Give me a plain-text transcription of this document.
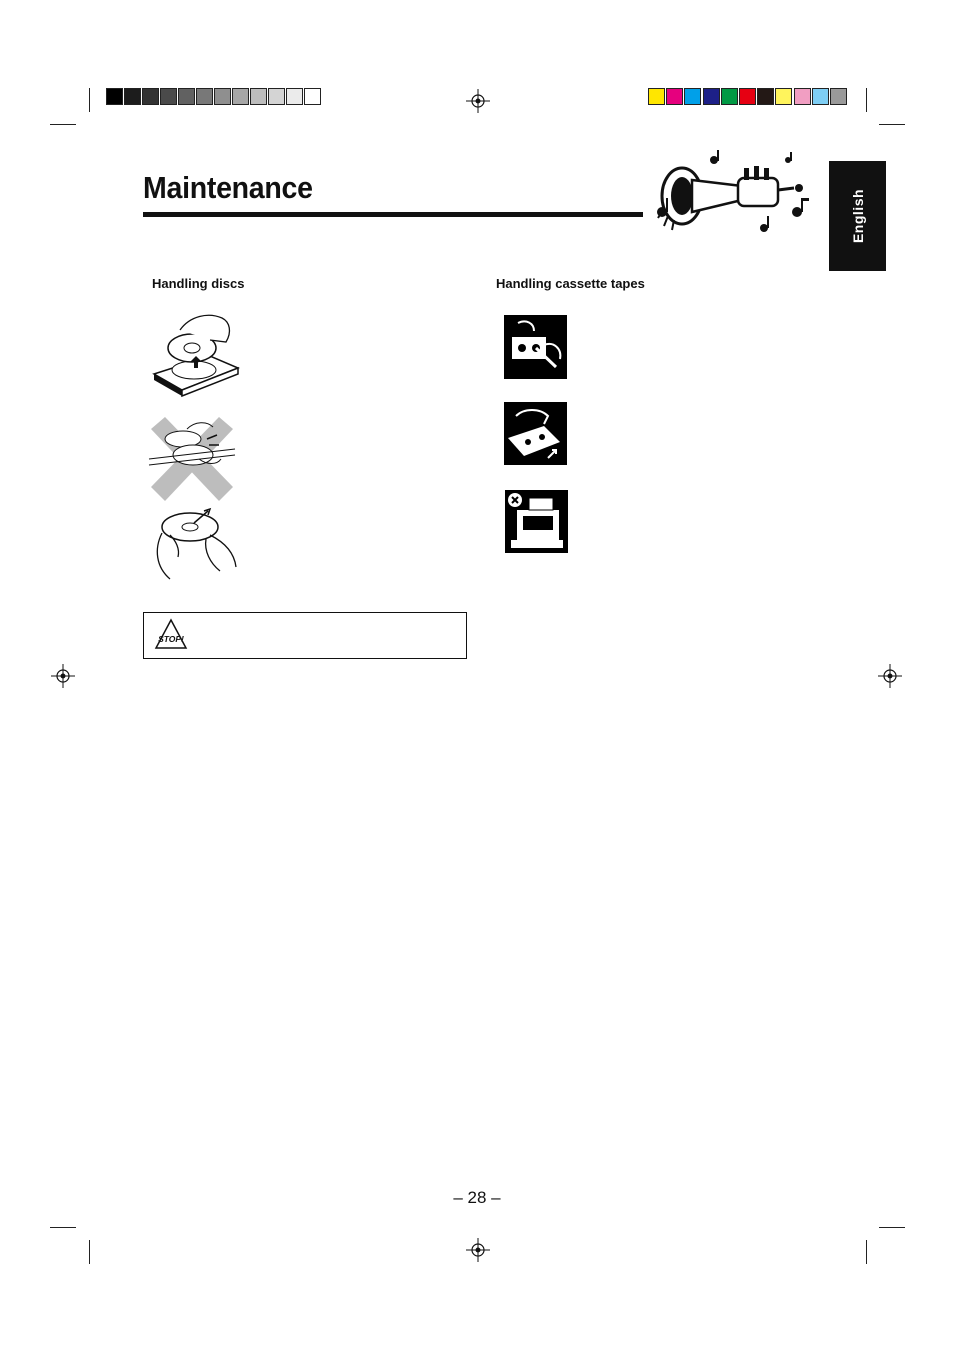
Maintenance
English
Handling discs	Handling cassette tapes
STOP!
– 28 –
